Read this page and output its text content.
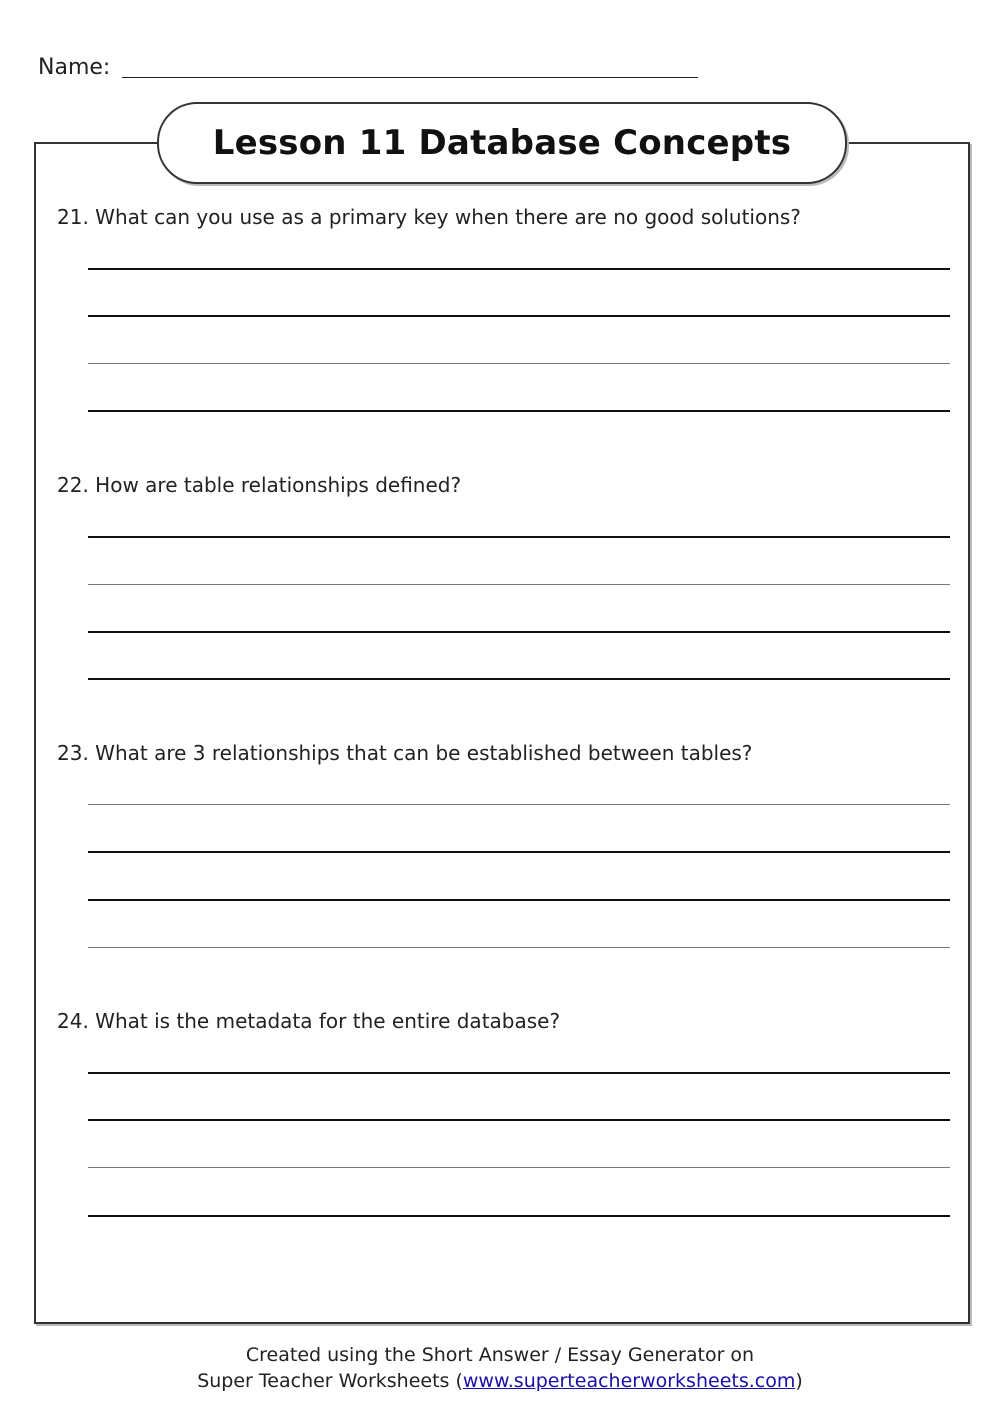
Name:
Lesson 11 Database Concepts
21. What can you use as a primary key when there are no good solutions?
22. How are table relationships defined?
23. What are 3 relationships that can be established between tables?
24. What is the metadata for the entire database?
Created using the Short Answer / Essay Generator on
Super Teacher Worksheets (www.superteacherworksheets.com)
